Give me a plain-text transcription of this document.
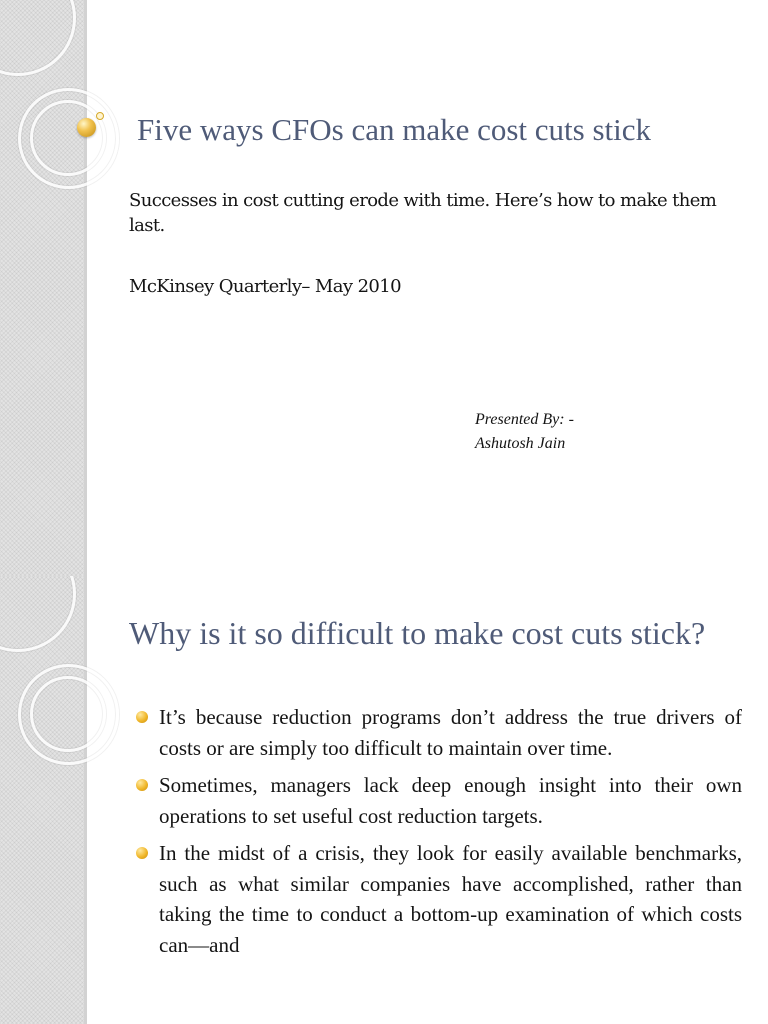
Five ways CFOs can make cost cuts stick
Successes in cost cutting erode with time. Here’s how to make them last.
McKinsey Quarterly– May 2010
Presented By: -
Ashutosh Jain
Why is it so difficult to make cost cuts stick?
It’s because reduction programs don’t address the true drivers of costs or are simply too difficult to maintain over time.
Sometimes, managers lack deep enough insight into their own operations to set useful cost reduction targets.
In the midst of a crisis, they look for easily available benchmarks, such as what similar companies have accomplished, rather than taking the time to conduct a bottom-up examination of which costs can—and
